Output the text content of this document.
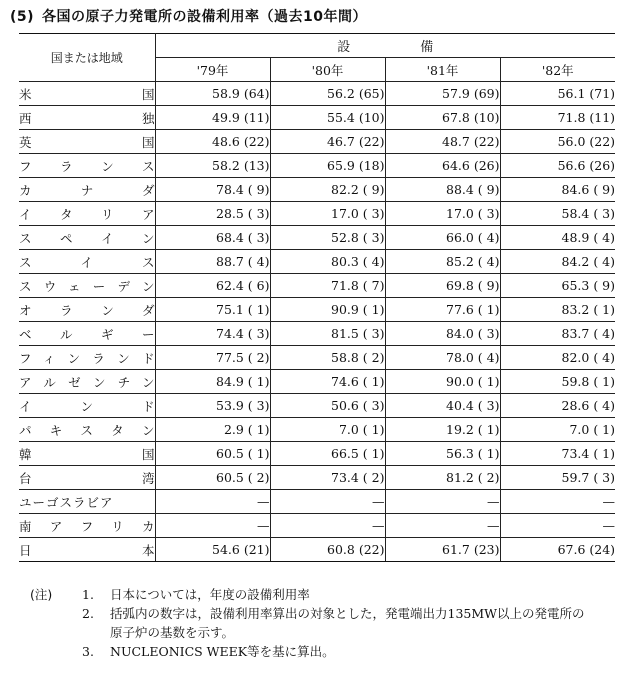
(5) 各国の原子力発電所の設備利用率（過去10年間）
国または地域	設 備			
	'79年	'80年	'81年	'82年
米国	58.9 (64)	56.2 (65)	57.9 (69)	56.1 (71)
西独	49.9 (11)	55.4 (10)	67.8 (10)	71.8 (11)
英国	48.6 (22)	46.7 (22)	48.7 (22)	56.0 (22)
フランス	58.2 (13)	65.9 (18)	64.6 (26)	56.6 (26)
カナダ	78.4 ( 9)	82.2 ( 9)	88.4 ( 9)	84.6 ( 9)
イタリア	28.5 ( 3)	17.0 ( 3)	17.0 ( 3)	58.4 ( 3)
スペイン	68.4 ( 3)	52.8 ( 3)	66.0 ( 4)	48.9 ( 4)
スイス	88.7 ( 4)	80.3 ( 4)	85.2 ( 4)	84.2 ( 4)
スウェーデン	62.4 ( 6)	71.8 ( 7)	69.8 ( 9)	65.3 ( 9)
オランダ	75.1 ( 1)	90.9 ( 1)	77.6 ( 1)	83.2 ( 1)
ベルギー	74.4 ( 3)	81.5 ( 3)	84.0 ( 3)	83.7 ( 4)
フィンランド	77.5 ( 2)	58.8 ( 2)	78.0 ( 4)	82.0 ( 4)
アルゼンチン	84.9 ( 1)	74.6 ( 1)	90.0 ( 1)	59.8 ( 1)
インド	53.9 ( 3)	50.6 ( 3)	40.4 ( 3)	28.6 ( 4)
パキスタン	2.9 ( 1)	7.0 ( 1)	19.2 ( 1)	7.0 ( 1)
韓国	60.5 ( 1)	66.5 ( 1)	56.3 ( 1)	73.4 ( 1)
台湾	60.5 ( 2)	73.4 ( 2)	81.2 ( 2)	59.7 ( 3)
ユーゴスラビア	—	—	—	—
南アフリカ	—	—	—	—
日本	54.6 (21)	60.8 (22)	61.7 (23)	67.6 (24)
(注)	1.	日本については，年度の設備利用率
2.	括弧内の数字は，設備利用率算出の対象とした，発電端出力135MW以上の発電所の
原子炉の基数を示す。
3.	NUCLEONICS WEEK等を基に算出。
